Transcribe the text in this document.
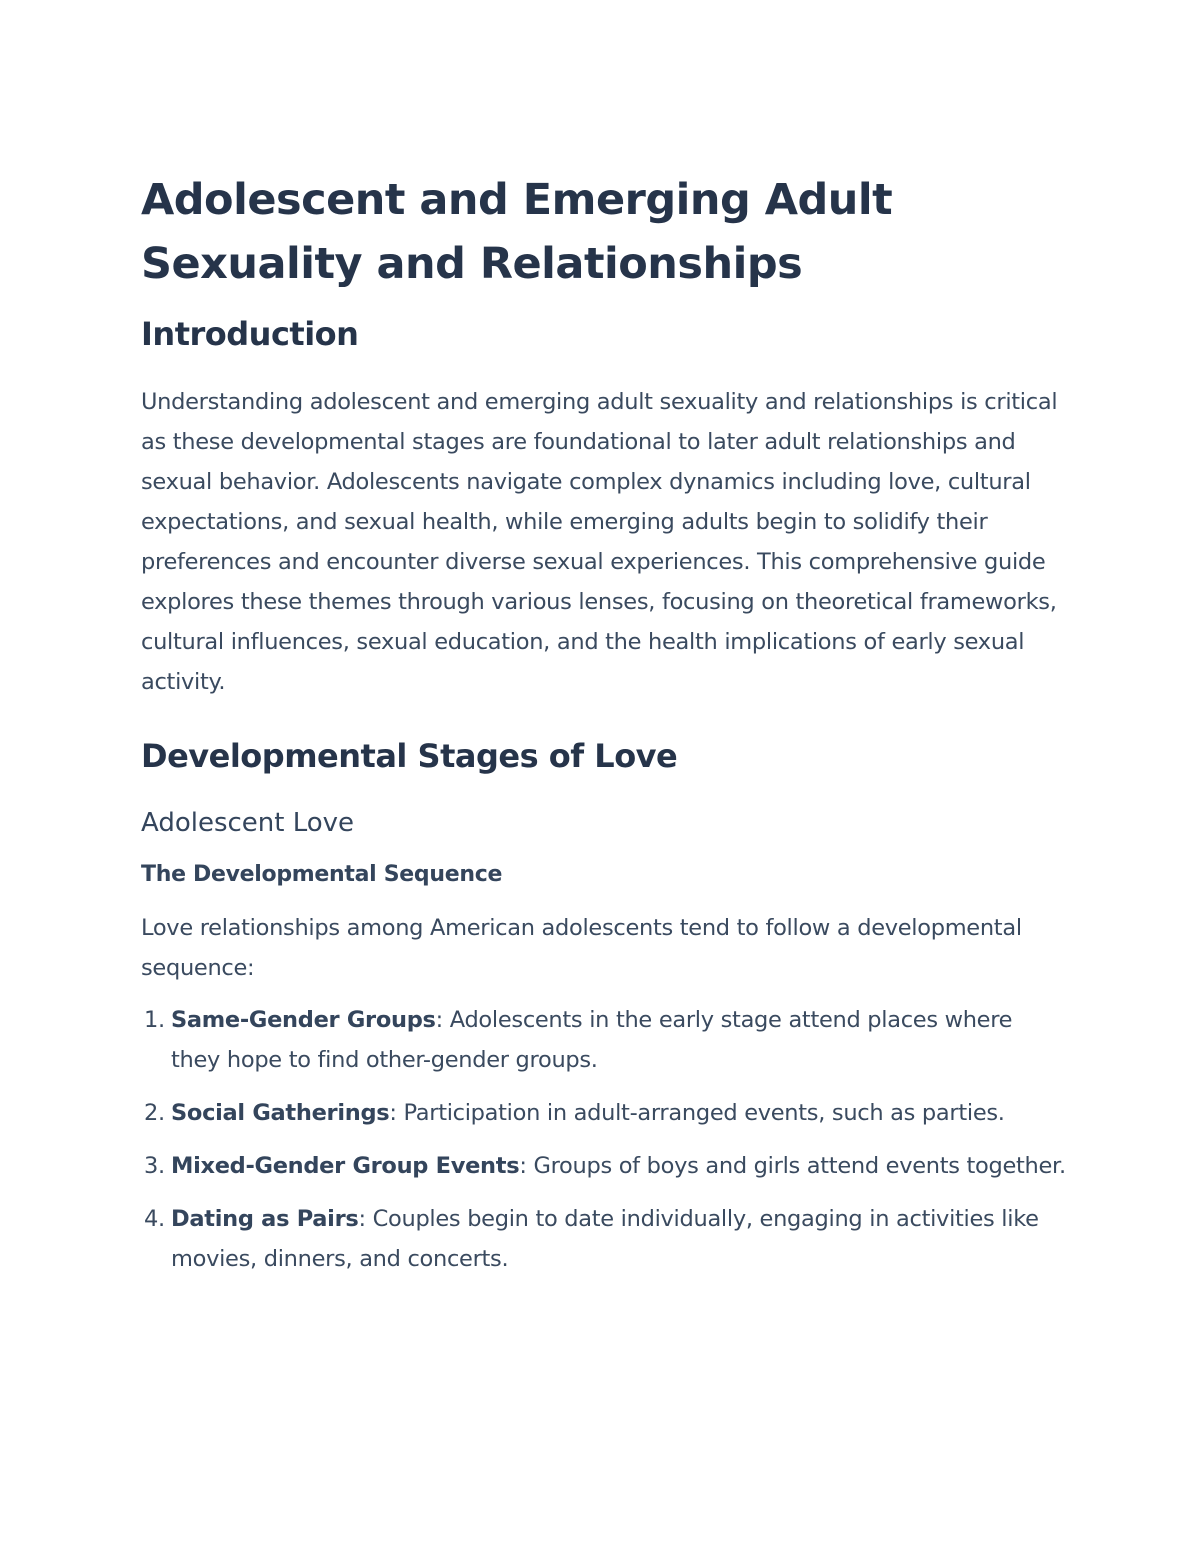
Adolescent and Emerging Adult Sexuality and Relationships
Introduction

Understanding adolescent and emerging adult sexuality and relationships is critical as these developmental stages are foundational to later adult relationships and sexual behavior. Adolescents navigate complex dynamics including love, cultural expectations, and sexual health, while emerging adults begin to solidify their preferences and encounter diverse sexual experiences. This comprehensive guide explores these themes through various lenses, focusing on theoretical frameworks, cultural influences, sexual education, and the health implications of early sexual activity.

Developmental Stages of Love
Adolescent Love
The Developmental Sequence

Love relationships among American adolescents tend to follow a developmental sequence:

1. Same-Gender Groups: Adolescents in the early stage attend places where they hope to find other-gender groups.
2. Social Gatherings: Participation in adult-arranged events, such as parties.
3. Mixed-Gender Group Events: Groups of boys and girls attend events together.
4. Dating as Pairs: Couples begin to date individually, engaging in activities like movies, dinners, and concerts.
